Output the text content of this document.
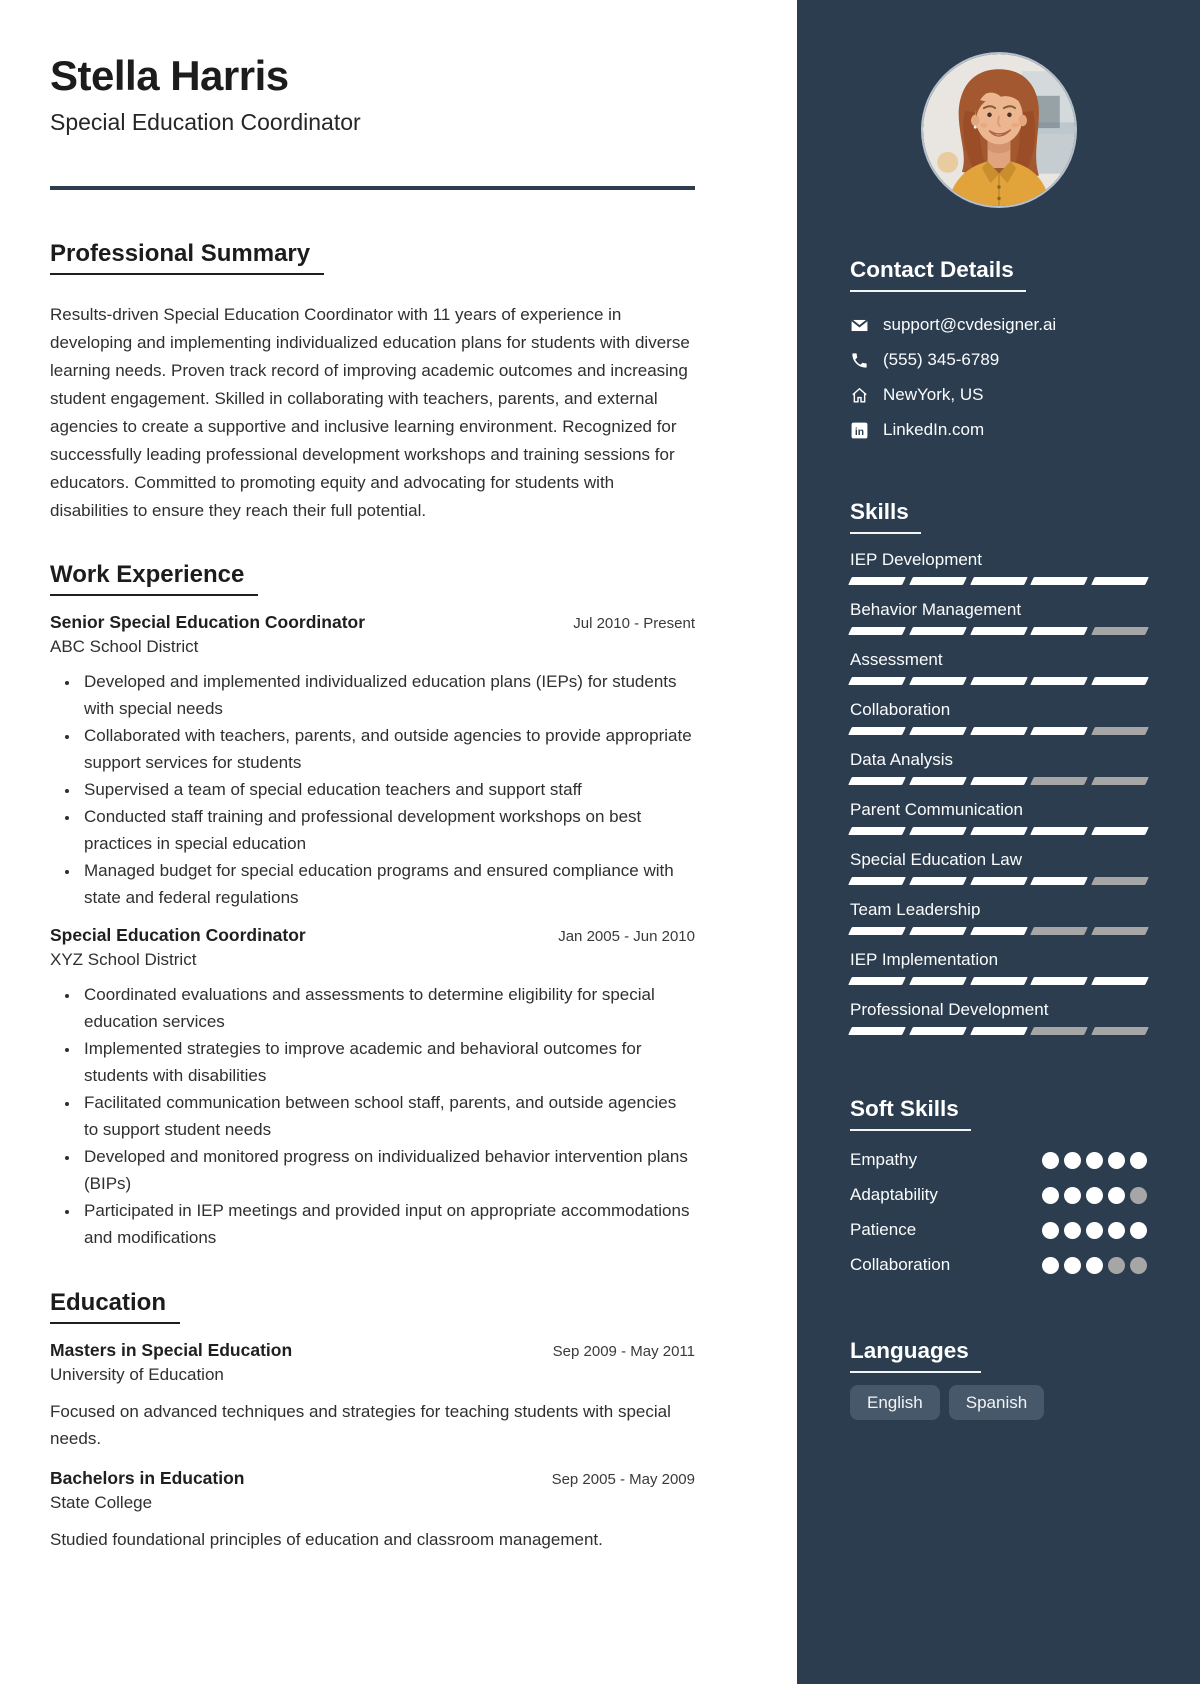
Stella Harris
Special Education Coordinator
Professional Summary
Results-driven Special Education Coordinator with 11 years of experience in developing and implementing individualized education plans for students with diverse learning needs. Proven track record of improving academic outcomes and increasing student engagement. Skilled in collaborating with teachers, parents, and external agencies to create a supportive and inclusive learning environment. Recognized for successfully leading professional development workshops and training sessions for educators. Committed to promoting equity and advocating for students with disabilities to ensure they reach their full potential.
Work Experience
Senior Special Education Coordinator	Jul 2010 - Present
ABC School District
• Developed and implemented individualized education plans (IEPs) for students with special needs
• Collaborated with teachers, parents, and outside agencies to provide appropriate support services for students
• Supervised a team of special education teachers and support staff
• Conducted staff training and professional development workshops on best practices in special education
• Managed budget for special education programs and ensured compliance with state and federal regulations
Special Education Coordinator	Jan 2005 - Jun 2010
XYZ School District
• Coordinated evaluations and assessments to determine eligibility for special education services
• Implemented strategies to improve academic and behavioral outcomes for students with disabilities
• Facilitated communication between school staff, parents, and outside agencies to support student needs
• Developed and monitored progress on individualized behavior intervention plans (BIPs)
• Participated in IEP meetings and provided input on appropriate accommodations and modifications
Education
Masters in Special Education	Sep 2009 - May 2011
University of Education
Focused on advanced techniques and strategies for teaching students with special needs.
Bachelors in Education	Sep 2005 - May 2009
State College
Studied foundational principles of education and classroom management.
Contact Details
support@cvdesigner.ai
(555) 345-6789
NewYork, US
in LinkedIn.com
Skills
IEP Development
Behavior Management
Assessment
Collaboration
Data Analysis
Parent Communication
Special Education Law
Team Leadership
IEP Implementation
Professional Development
Soft Skills
Empathy
Adaptability
Patience
Collaboration
Languages
English	Spanish
